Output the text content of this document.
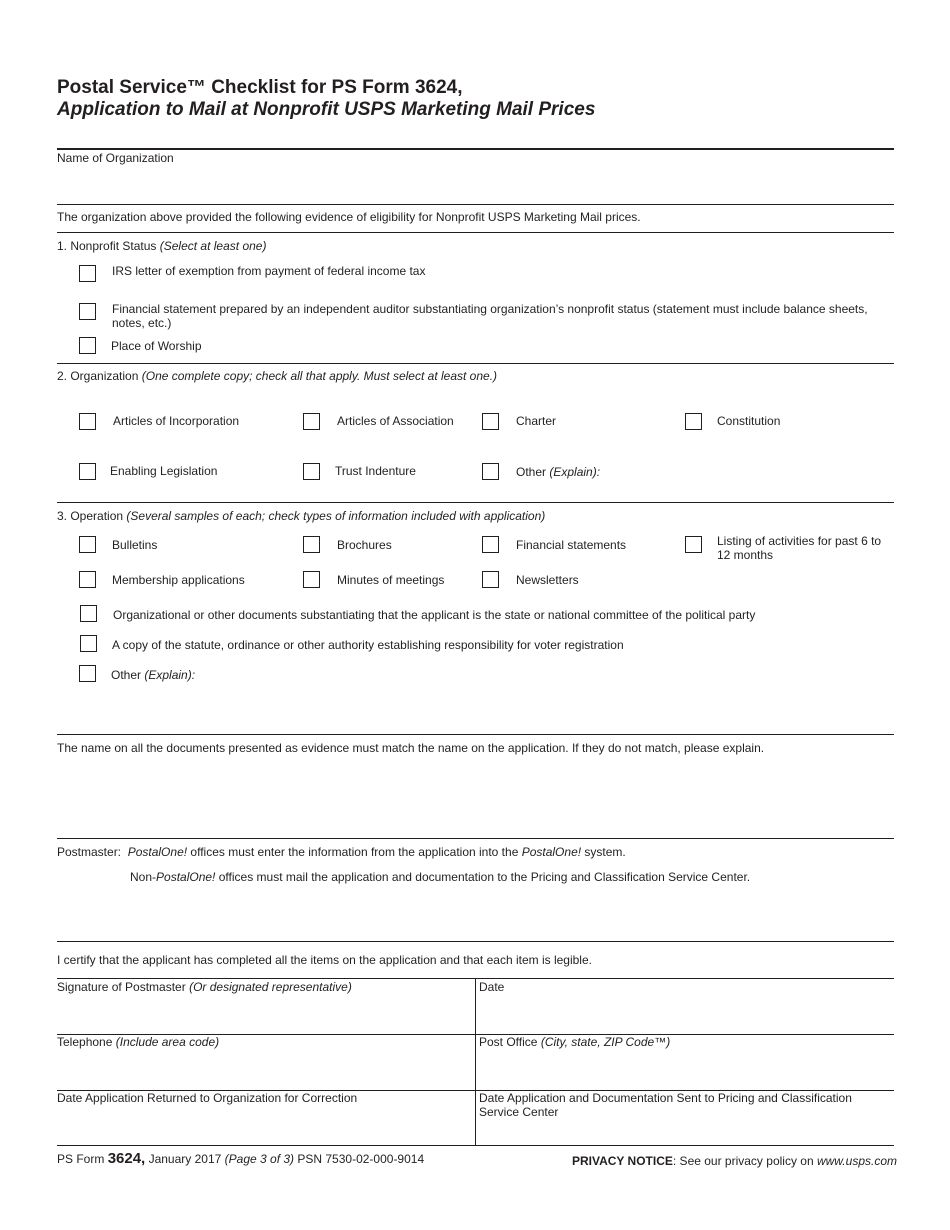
Postal Service™ Checklist for PS Form 3624,
Application to Mail at Nonprofit USPS Marketing Mail Prices
Name of Organization
The organization above provided the following evidence of eligibility for Nonprofit USPS Marketing Mail prices.
1. Nonprofit Status (Select at least one)
IRS letter of exemption from payment of federal income tax
Financial statement prepared by an independent auditor substantiating organization’s nonprofit status (statement must include balance sheets, notes, etc.)
Place of Worship
2. Organization (One complete copy; check all that apply. Must select at least one.)
Articles of Incorporation	Articles of Association	Charter	Constitution
Enabling Legislation	Trust Indenture	Other (Explain):
3. Operation (Several samples of each; check types of information included with application)
Bulletins	Brochures	Financial statements	Listing of activities for past 6 to 12 months
Membership applications	Minutes of meetings	Newsletters
Organizational or other documents substantiating that the applicant is the state or national committee of the political party
A copy of the statute, ordinance or other authority establishing responsibility for voter registration
Other (Explain):
The name on all the documents presented as evidence must match the name on the application. If they do not match, please explain.
Postmaster: PostalOne! offices must enter the information from the application into the PostalOne! system.
Non-PostalOne! offices must mail the application and documentation to the Pricing and Classification Service Center.
I certify that the applicant has completed all the items on the application and that each item is legible.
Signature of Postmaster (Or designated representative)	Date
Telephone (Include area code)	Post Office (City, state, ZIP Code™)
Date Application Returned to Organization for Correction	Date Application and Documentation Sent to Pricing and Classification Service Center
PS Form 3624, January 2017 (Page 3 of 3) PSN 7530-02-000-9014	PRIVACY NOTICE: See our privacy policy on www.usps.com
